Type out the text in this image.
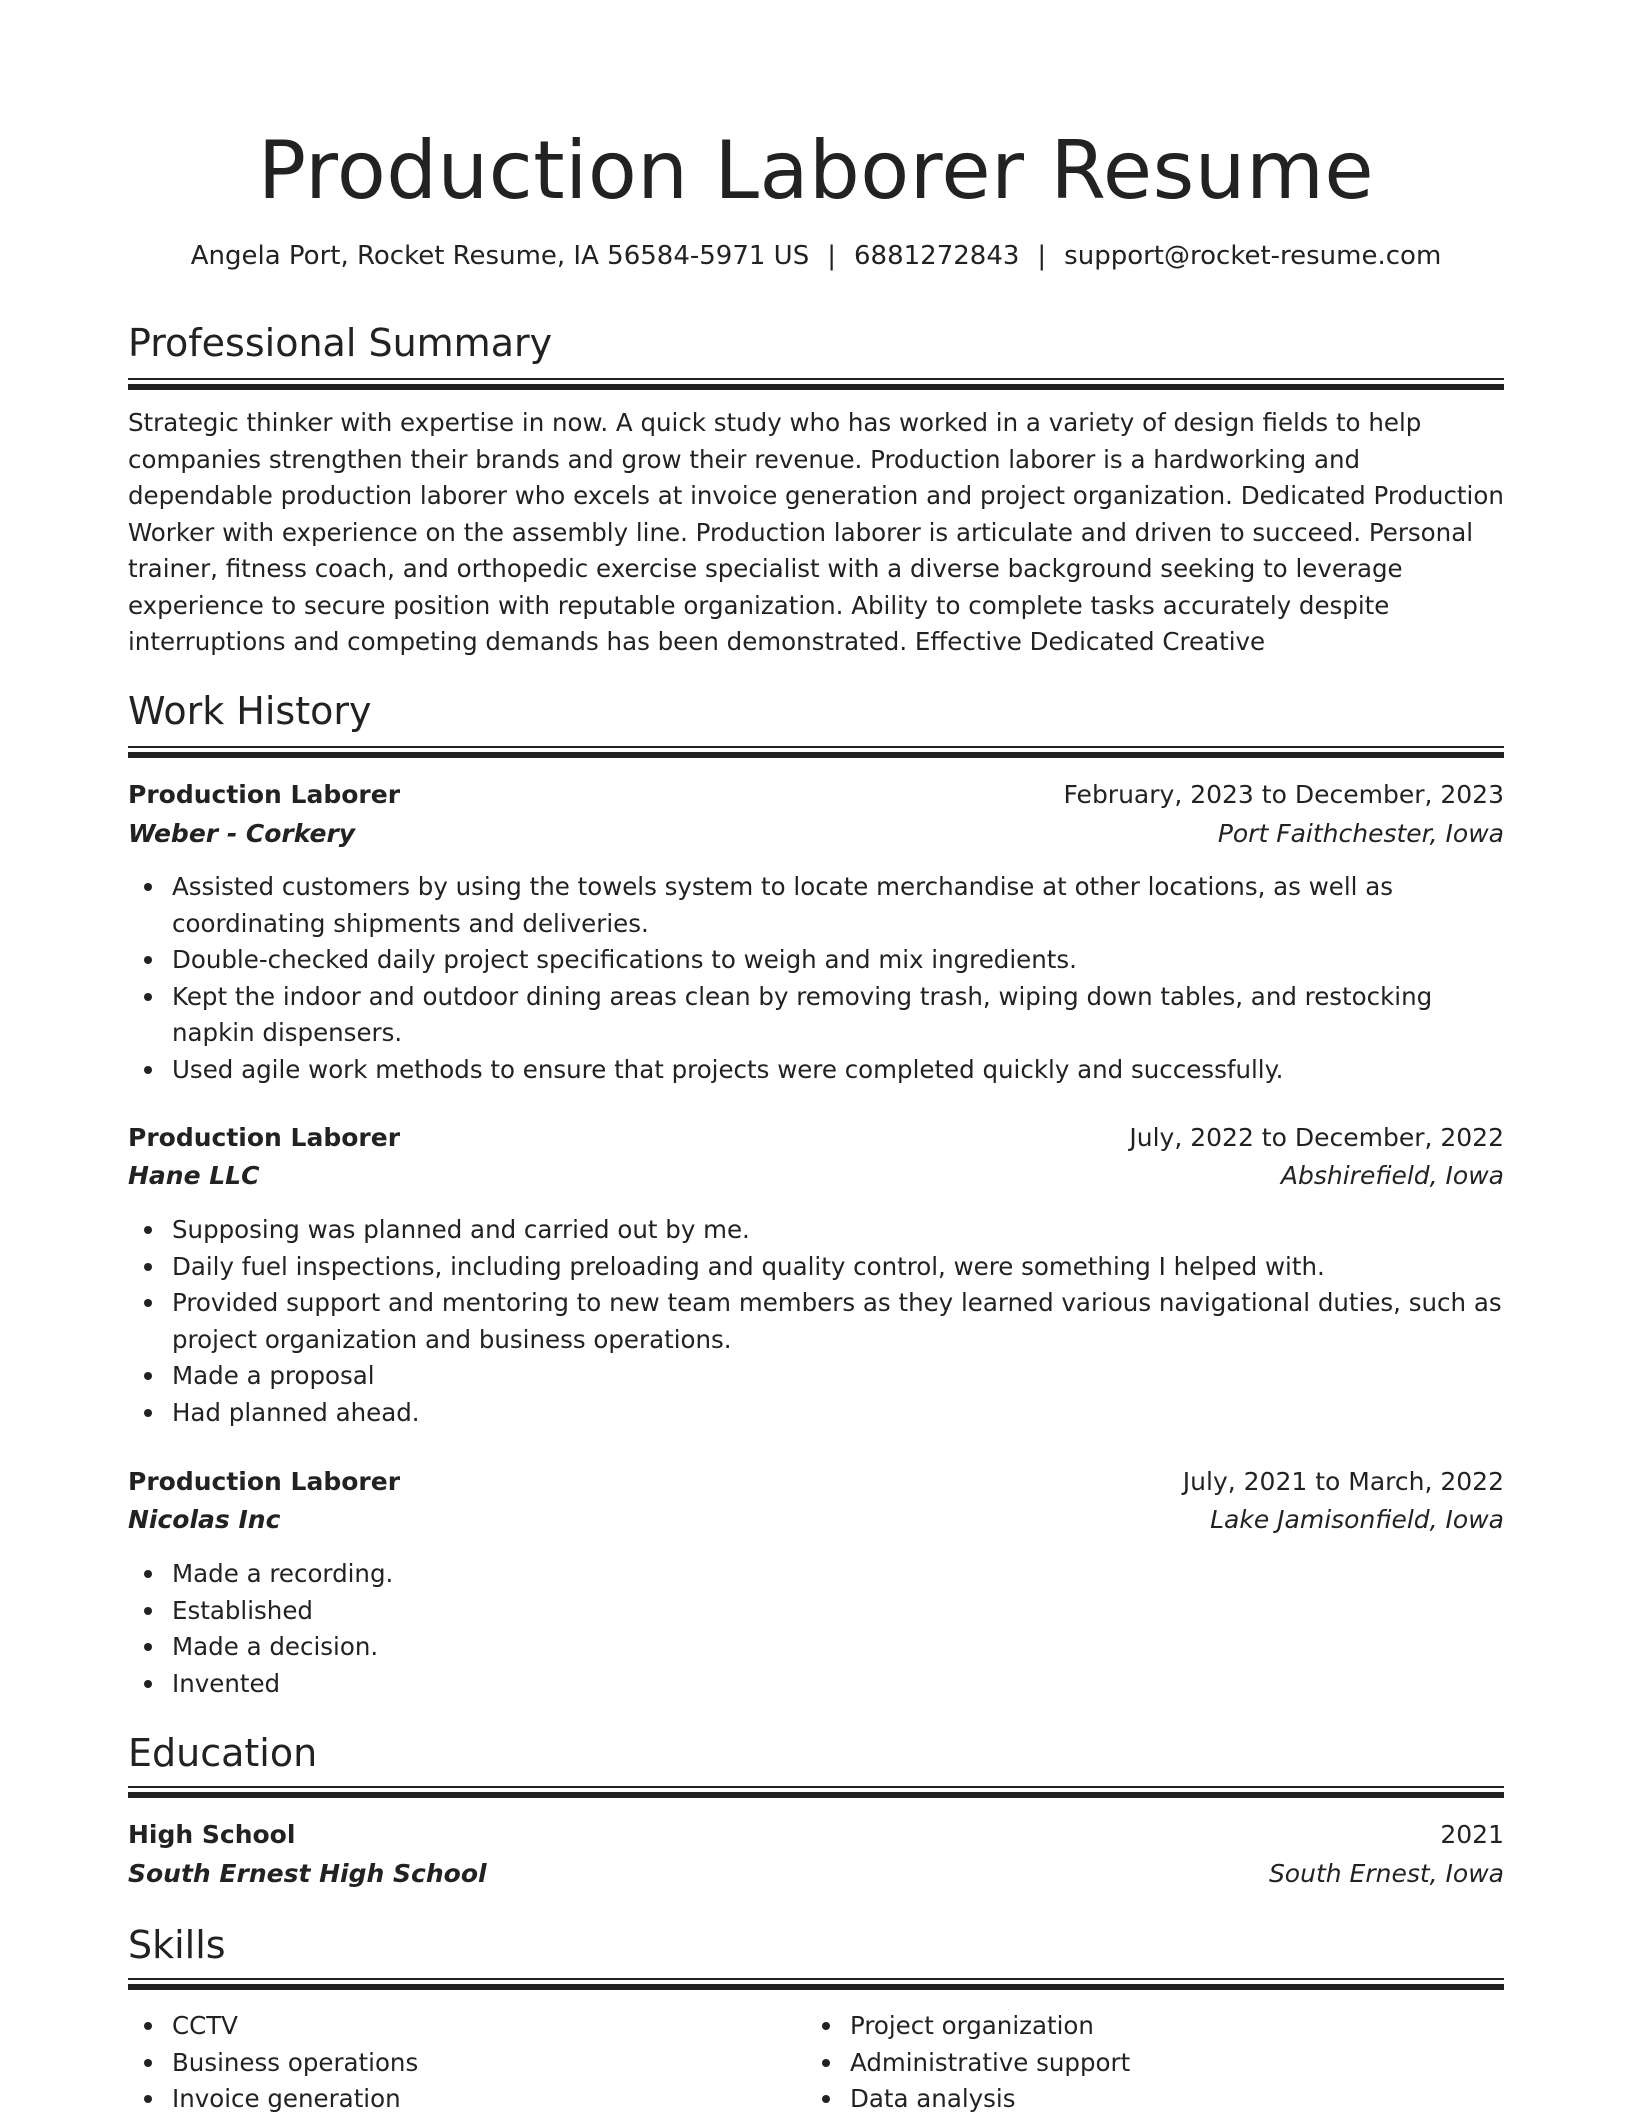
Production Laborer Resume
Angela Port, Rocket Resume, IA 56584-5971 US | 6881272843 | support@rocket-resume.com
Professional Summary
Strategic thinker with expertise in now. A quick study who has worked in a variety of design fields to help companies strengthen their brands and grow their revenue. Production laborer is a hardworking and dependable production laborer who excels at invoice generation and project organization. Dedicated Production Worker with experience on the assembly line. Production laborer is articulate and driven to succeed. Personal trainer, fitness coach, and orthopedic exercise specialist with a diverse background seeking to leverage experience to secure position with reputable organization. Ability to complete tasks accurately despite interruptions and competing demands has been demonstrated. Effective Dedicated Creative
Work History
Production Laborer	February, 2023 to December, 2023
Weber - Corkery	Port Faithchester, Iowa
Assisted customers by using the towels system to locate merchandise at other locations, as well as coordinating shipments and deliveries.
Double-checked daily project specifications to weigh and mix ingredients.
Kept the indoor and outdoor dining areas clean by removing trash, wiping down tables, and restocking napkin dispensers.
Used agile work methods to ensure that projects were completed quickly and successfully.
Production Laborer	July, 2022 to December, 2022
Hane LLC	Abshirefield, Iowa
Supposing was planned and carried out by me.
Daily fuel inspections, including preloading and quality control, were something I helped with.
Provided support and mentoring to new team members as they learned various navigational duties, such as project organization and business operations.
Made a proposal
Had planned ahead.
Production Laborer	July, 2021 to March, 2022
Nicolas Inc	Lake Jamisonfield, Iowa
Made a recording.
Established
Made a decision.
Invented
Education
High School	2021
South Ernest High School	South Ernest, Iowa
Skills
CCTV
Business operations
Invoice generation
Project organization
Administrative support
Data analysis
